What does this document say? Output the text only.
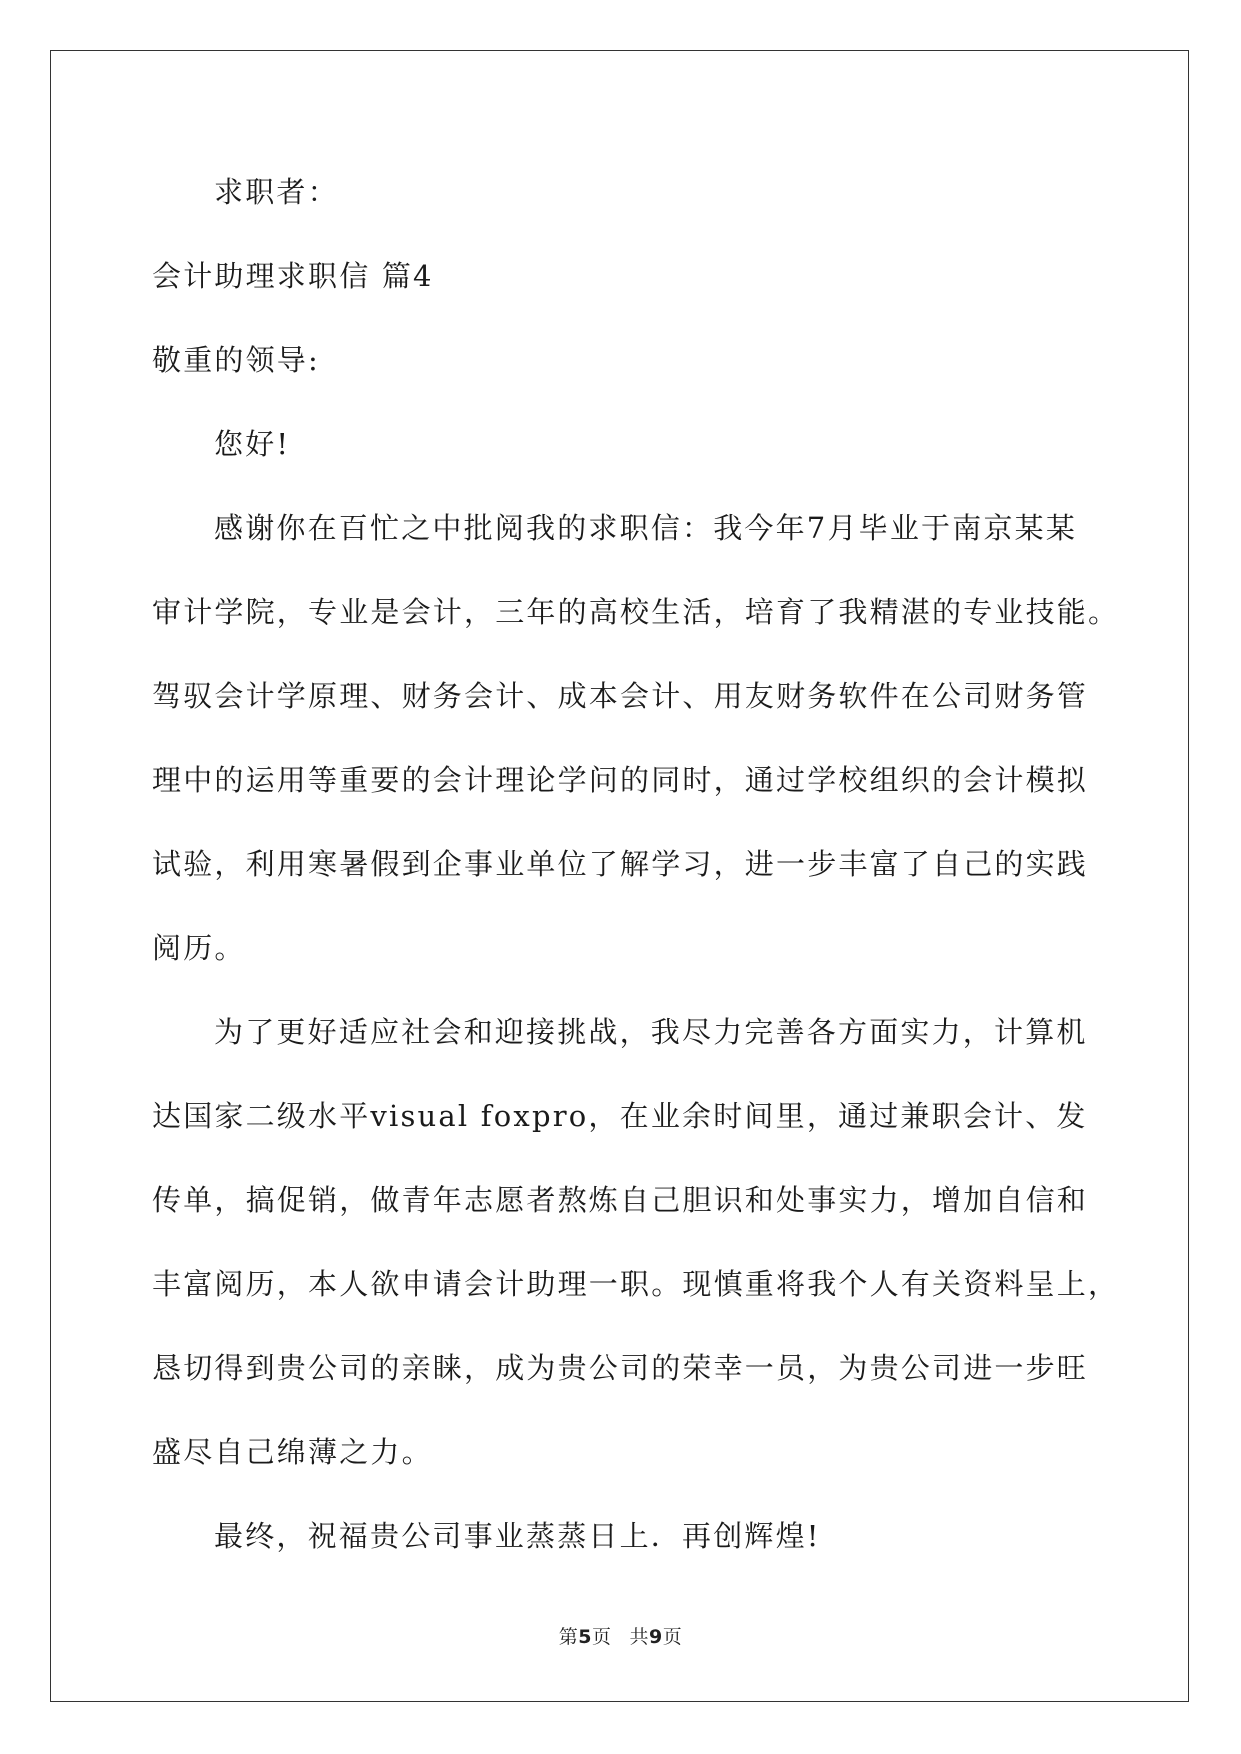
求职者：
会计助理求职信 篇4
敬重的领导:
您好!
感谢你在百忙之中批阅我的求职信：我今年7月毕业于南京某某
审计学院，专业是会计，三年的高校生活，培育了我精湛的专业技能。
驾驭会计学原理、财务会计、成本会计、用友财务软件在公司财务管
理中的运用等重要的会计理论学问的同时，通过学校组织的会计模拟
试验，利用寒暑假到企事业单位了解学习，进一步丰富了自己的实践
阅历。
为了更好适应社会和迎接挑战，我尽力完善各方面实力，计算机
达国家二级水平visual foxpro，在业余时间里，通过兼职会计、发
传单，搞促销，做青年志愿者熬炼自己胆识和处事实力，增加自信和
丰富阅历，本人欲申请会计助理一职。现慎重将我个人有关资料呈上，
恳切得到贵公司的亲睐，成为贵公司的荣幸一员，为贵公司进一步旺
盛尽自己绵薄之力。
最终，祝福贵公司事业蒸蒸日上．再创辉煌!
第5页 共9页
